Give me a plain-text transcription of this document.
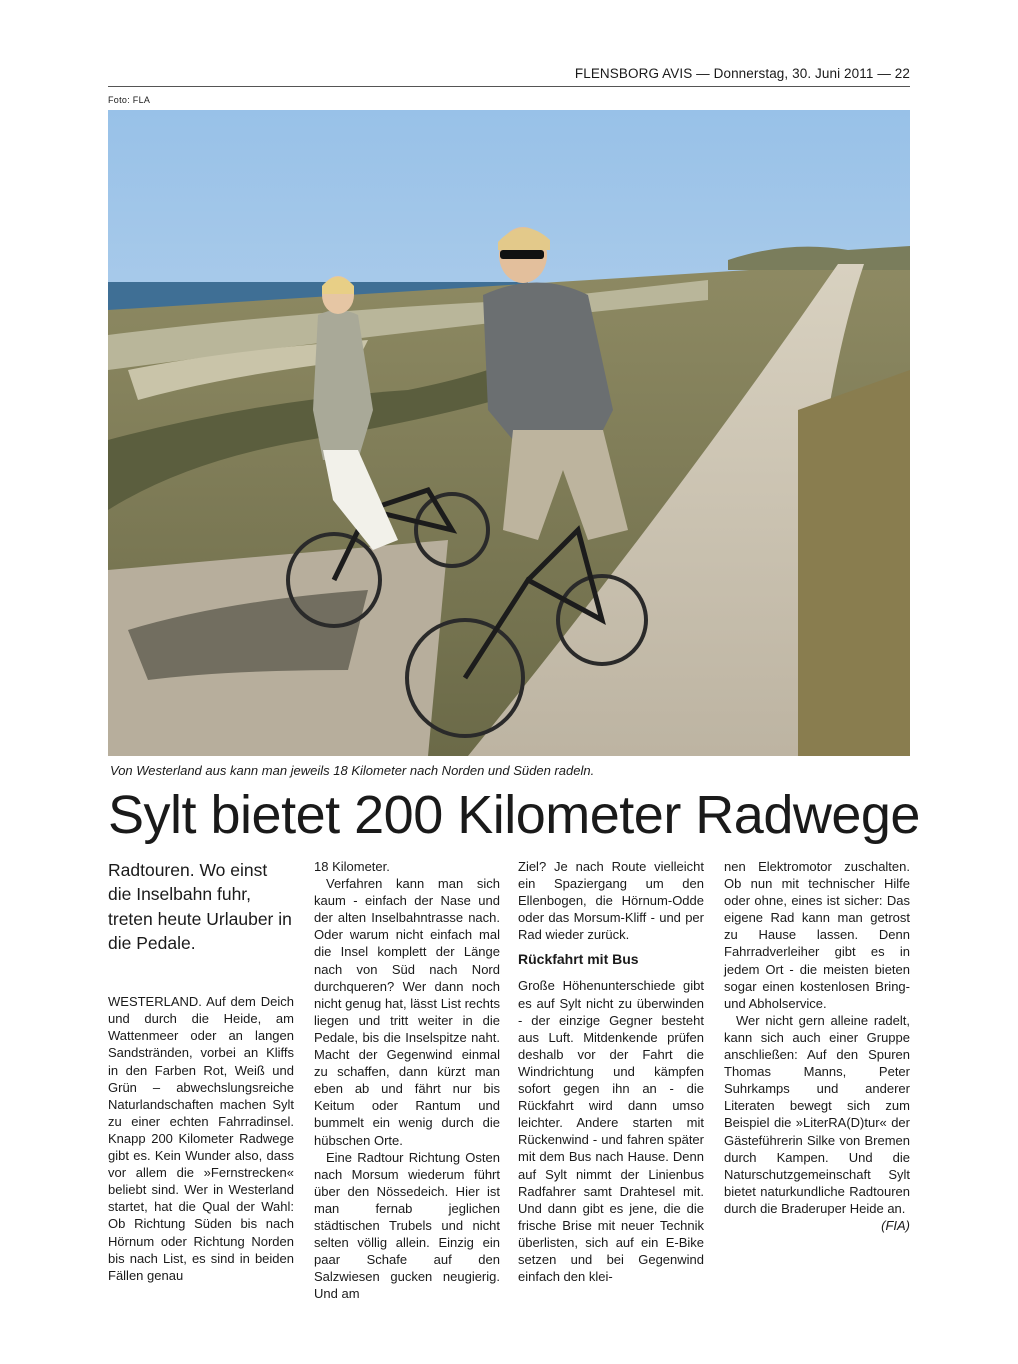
FLENSBORG AVIS — Donnerstag, 30. Juni 2011 — 22
Foto: FLA
Von Westerland aus kann man jeweils 18 Kilometer nach Norden und Süden radeln.
Sylt bietet 200 Kilometer Radwege

Radtouren. Wo einst die Inselbahn fuhr, treten heute Urlauber in die Pedale.

WESTERLAND. Auf dem Deich und durch die Heide, am Wattenmeer oder an langen Sandstränden, vorbei an Kliffs in den Farben Rot, Weiß und Grün – abwechslungsreiche Naturlandschaften machen Sylt zu einer echten Fahrradinsel. Knapp 200 Kilometer Radwege gibt es. Kein Wunder also, dass vor allem die »Fernstrecken« beliebt sind. Wer in Westerland startet, hat die Qual der Wahl: Ob Richtung Süden bis nach Hörnum oder Richtung Norden bis nach List, es sind in beiden Fällen genau

18 Kilometer.

Verfahren kann man sich kaum - einfach der Nase und der alten Inselbahntrasse nach. Oder warum nicht einfach mal die Insel komplett der Länge nach von Süd nach Nord durchqueren? Wer dann noch nicht genug hat, lässt List rechts liegen und tritt weiter in die Pedale, bis die Inselspitze naht. Macht der Gegenwind einmal zu schaffen, dann kürzt man eben ab und fährt nur bis Keitum oder Rantum und bummelt ein wenig durch die hübschen Orte.

Eine Radtour Richtung Osten nach Morsum wiederum führt über den Nössedeich. Hier ist man fernab jeglichen städtischen Trubels und nicht selten völlig allein. Einzig ein paar Schafe auf den Salzwiesen gucken neugierig. Und am

Ziel? Je nach Route vielleicht ein Spaziergang um den Ellenbogen, die Hörnum-Odde oder das Morsum-Kliff - und per Rad wieder zurück.

Rückfahrt mit Bus

Große Höhenunterschiede gibt es auf Sylt nicht zu überwinden - der einzige Gegner besteht aus Luft. Mitdenkende prüfen deshalb vor der Fahrt die Windrichtung und kämpfen sofort gegen ihn an - die Rückfahrt wird dann umso leichter. Andere starten mit Rückenwind - und fahren später mit dem Bus nach Hause. Denn auf Sylt nimmt der Linienbus Radfahrer samt Drahtesel mit. Und dann gibt es jene, die die frische Brise mit neuer Technik überlisten, sich auf ein E-Bike setzen und bei Gegenwind einfach den klei-

nen Elektromotor zuschalten. Ob nun mit technischer Hilfe oder ohne, eines ist sicher: Das eigene Rad kann man getrost zu Hause lassen. Denn Fahrradverleiher gibt es in jedem Ort - die meisten bieten sogar einen kostenlosen Bring- und Abholservice.

Wer nicht gern alleine radelt, kann sich auch einer Gruppe anschließen: Auf den Spuren Thomas Manns, Peter Suhrkamps und anderer Literaten bewegt sich zum Beispiel die »LiterRA(D)tur« der Gästeführerin Silke von Bremen durch Kampen. Und die Naturschutzgemeinschaft Sylt bietet naturkundliche Radtouren durch die Braderuper Heide an.
(FIA)
